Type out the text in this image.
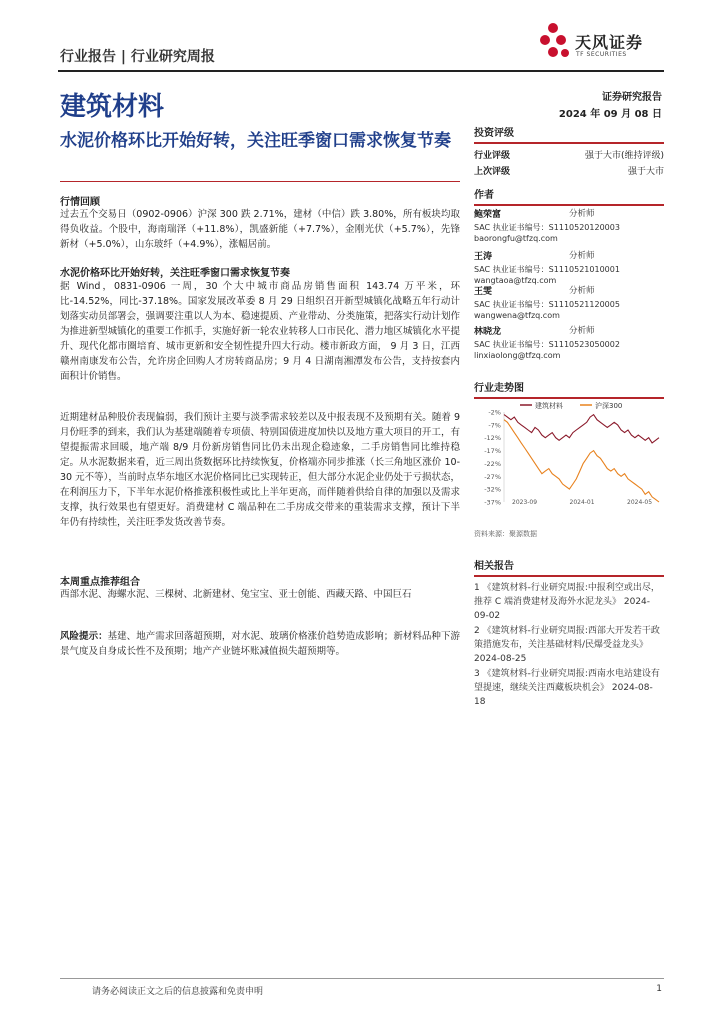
行业报告 | 行业研究周报
天风证券
TF SECURITIES
建筑材料	证券研究报告
2024 年 09 月 08 日
水泥价格环比开始好转，关注旺季窗口需求恢复节奏
行情回顾
过去五个交易日（0902-0906）沪深 300 跌 2.71%，建材（中信）跌 3.80%，所有板块均取得负收益。个股中，海南瑞泽（+11.8%），凯盛新能（+7.7%），金刚光伏（+5.7%），先锋新材（+5.0%），山东玻纤（+4.9%），涨幅居前。
水泥价格环比开始好转，关注旺季窗口需求恢复节奏
据 Wind，0831-0906 一周，30 个大中城市商品房销售面积 143.74 万平米，环比-14.52%，同比-37.18%。国家发展改革委 8 月 29 日组织召开新型城镇化战略五年行动计划落实动员部署会，强调要注重以人为本、稳速提质、产业带动、分类施策，把落实行动计划作为推进新型城镇化的重要工作抓手，实施好新一轮农业转移人口市民化、潜力地区城镇化水平提升、现代化都市圈培育、城市更新和安全韧性提升四大行动。楼市新政方面， 9 月 3 日，江西赣州南康发布公告，允许房企回购人才房转商品房；9 月 4 日湖南湘潭发布公告，支持按套内面积计价销售。
近期建材品种股价表现偏弱，我们预计主要与淡季需求较差以及中报表现不及预期有关。随着 9 月份旺季的到来，我们认为基建端随着专项债、特别国债进度加快以及地方重大项目的开工，有望提振需求回暖，地产端 8/9 月份新房销售同比仍未出现企稳迹象，二手房销售同比维持稳定。从水泥数据来看，近三周出货数据环比持续恢复，价格端亦同步推涨（长三角地区涨价 10-30 元不等），当前时点华东地区水泥价格同比已实现转正，但大部分水泥企业仍处于亏损状态，在利润压力下，下半年水泥价格推涨积极性或比上半年更高，而伴随着供给自律的加强以及需求支撑，执行效果也有望更好。消费建材 C 端品种在二手房成交带来的重装需求支撑，预计下半年仍有持续性，关注旺季发货改善节奏。
本周重点推荐组合
西部水泥、海螺水泥、三棵树、北新建材、兔宝宝、亚士创能、西藏天路、中国巨石
风险提示：基建、地产需求回落超预期，对水泥、玻璃价格涨价趋势造成影响；新材料品种下游景气度及自身成长性不及预期；地产产业链坏账减值损失超预期等。
投资评级
行业评级	强于大市(维持评级)
上次评级	强于大市
作者
鲍荣富	分析师
SAC 执业证书编号：S1110520120003
baorongfu@tfzq.com
王涛	分析师
SAC 执业证书编号：S1110521010001
wangtaoa@tfzq.com
王雯	分析师
SAC 执业证书编号：S1110521120005
wangwena@tfzq.com
林晓龙	分析师
SAC 执业证书编号：S1110523050002
linxiaolong@tfzq.com
行业走势图
建筑材料	沪深300
-2%
-7%
-12%
-17%
-22%
-27%
-32%
-37% 2023-09	2024-01	2024-05
资料来源：聚源数据
相关报告
1 《建筑材料-行业研究周报:中报利空或出尽，推荐 C 端消费建材及海外水泥龙头》 2024-09-02
2 《建筑材料-行业研究周报:西部大开发若干政策措施发布，关注基础材料/民爆受益龙头》 2024-08-25
3 《建筑材料-行业研究周报:西南水电站建设有望提速，继续关注西藏板块机会》 2024-08-18
请务必阅读正文之后的信息披露和免责申明	1
